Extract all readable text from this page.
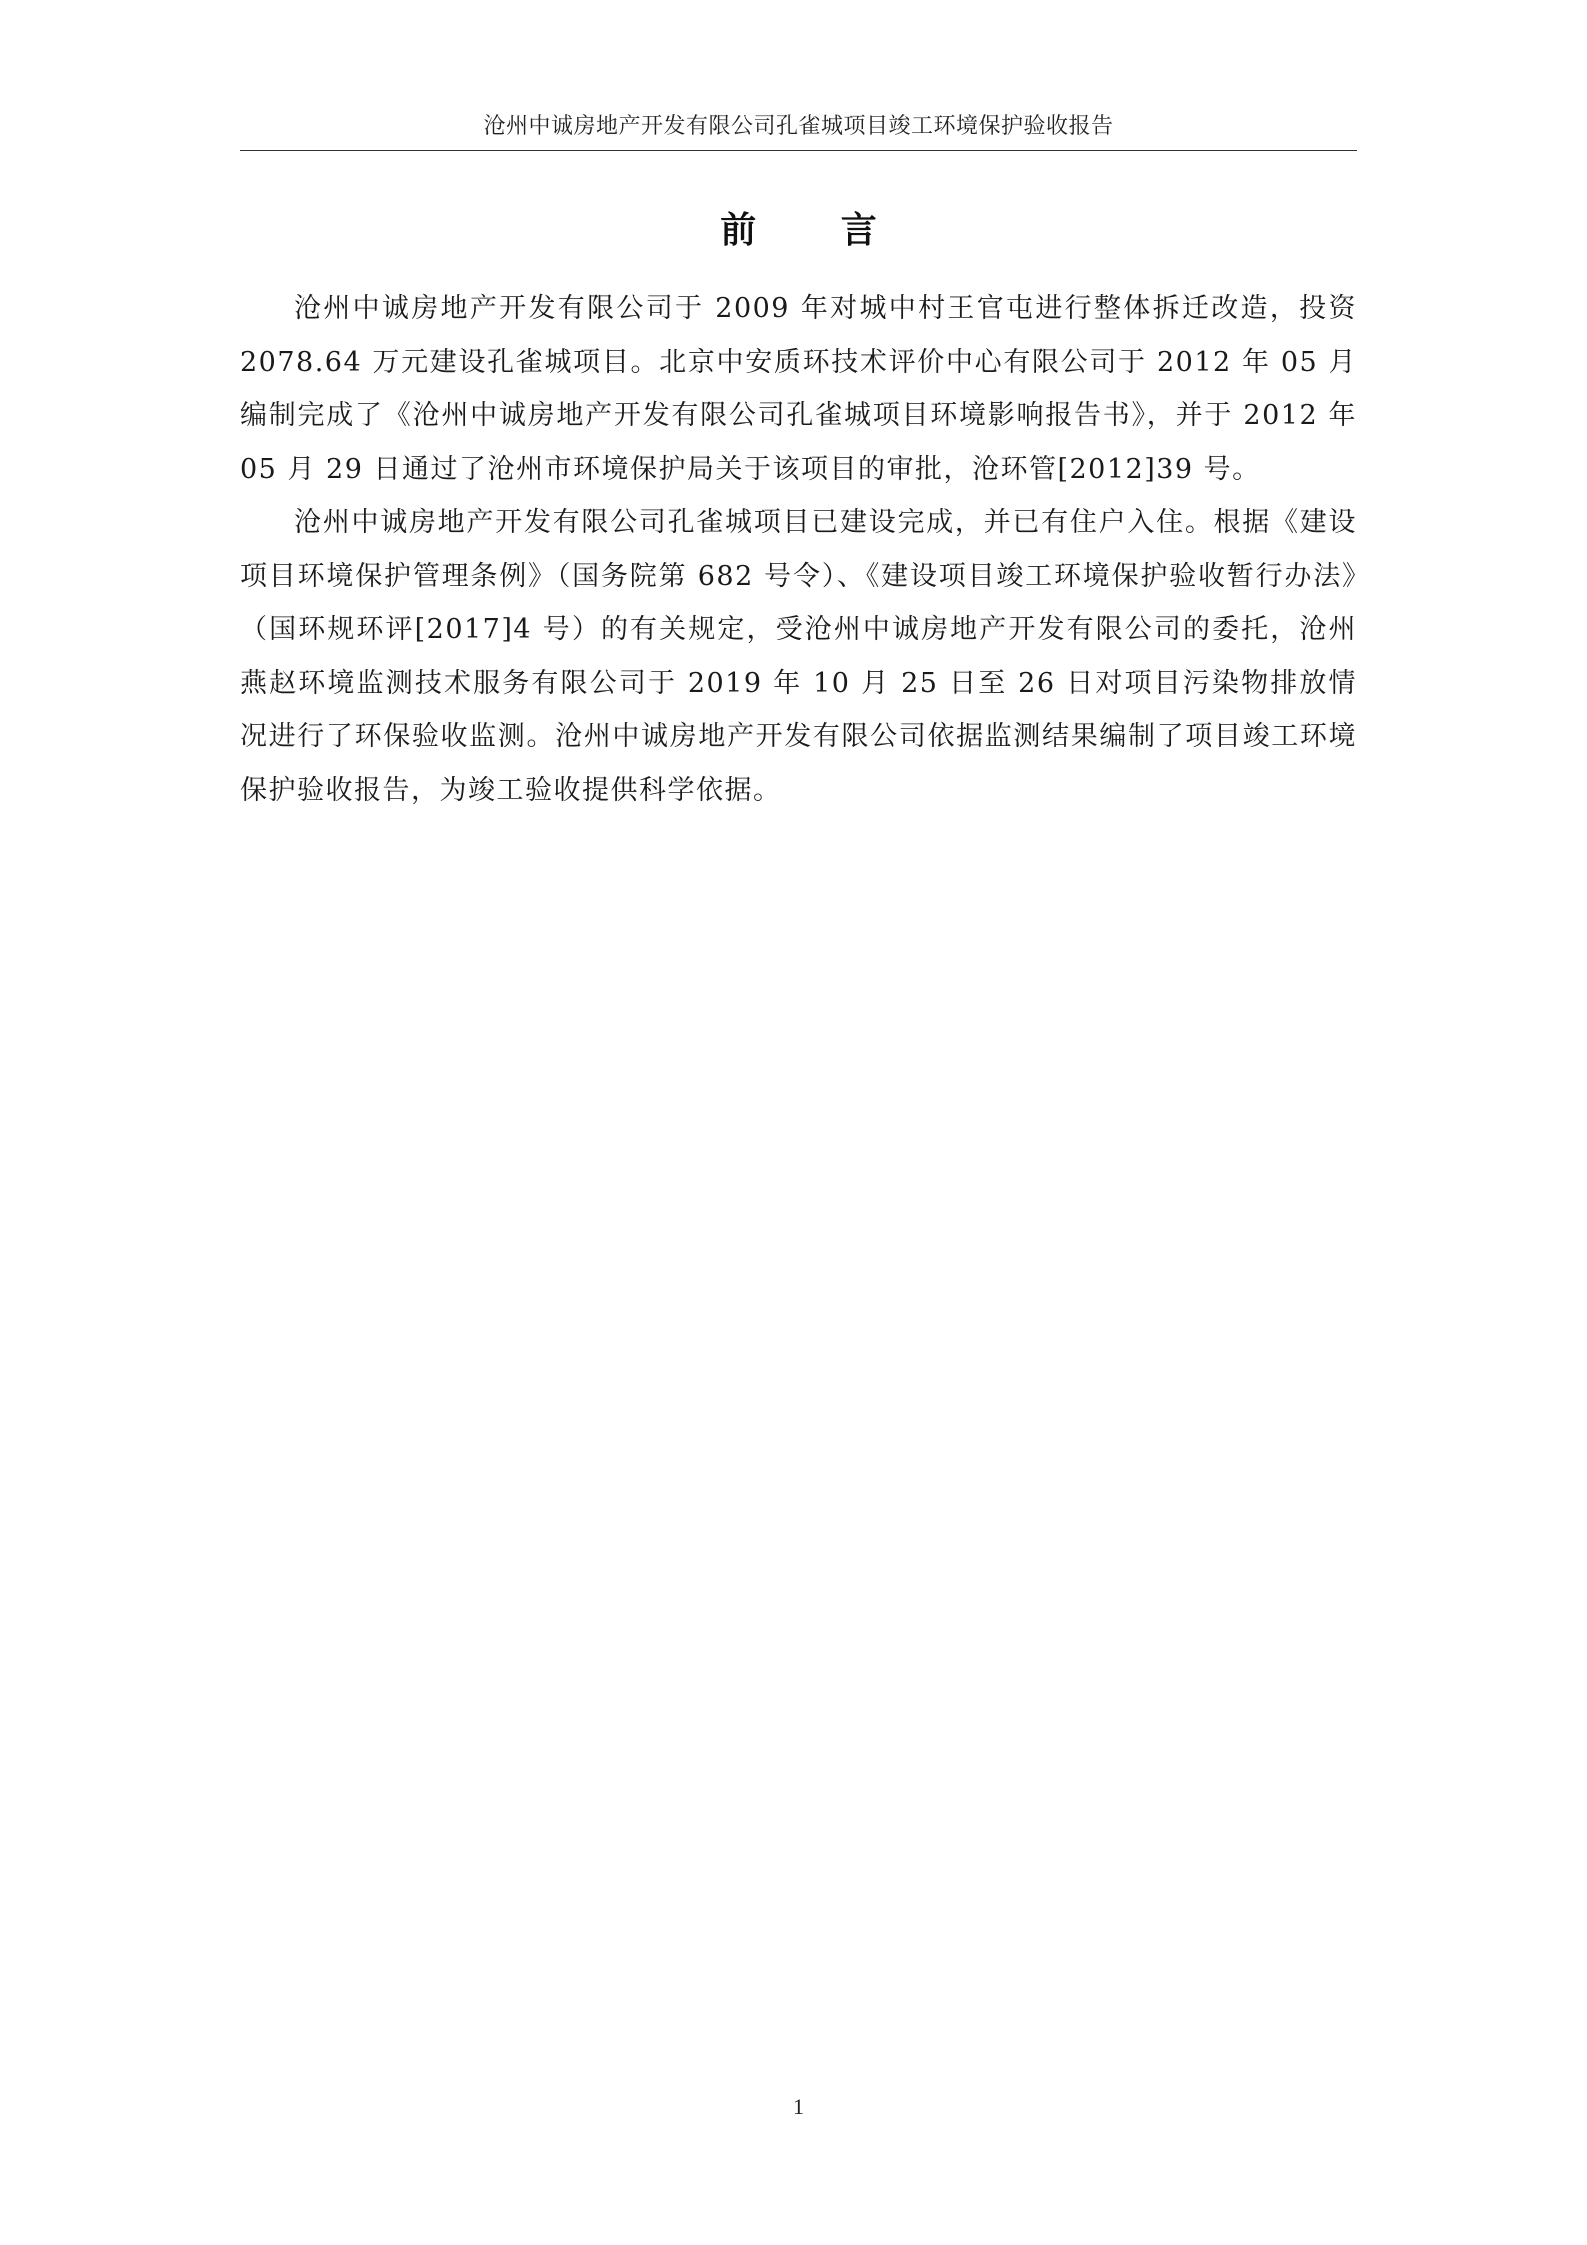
沧州中诚房地产开发有限公司孔雀城项目竣工环境保护验收报告
前 言

沧州中诚房地产开发有限公司于 2009 年对城中村王官屯进行整体拆迁改造，投资 2078.64 万元建设孔雀城项目。北京中安质环技术评价中心有限公司于 2012 年 05 月编制完成了《沧州中诚房地产开发有限公司孔雀城项目环境影响报告书》，并于 2012 年 05 月 29 日通过了沧州市环境保护局关于该项目的审批，沧环管[2012]39 号。

沧州中诚房地产开发有限公司孔雀城项目已建设完成，并已有住户入住。根据《建设项目环境保护管理条例》（国务院第 682 号令）、《建设项目竣工环境保护验收暂行办法》（国环规环评[2017]4 号）的有关规定，受沧州中诚房地产开发有限公司的委托，沧州燕赵环境监测技术服务有限公司于 2019 年 10 月 25 日至 26 日对项目污染物排放情况进行了环保验收监测。沧州中诚房地产开发有限公司依据监测结果编制了项目竣工环境保护验收报告，为竣工验收提供科学依据。

1
